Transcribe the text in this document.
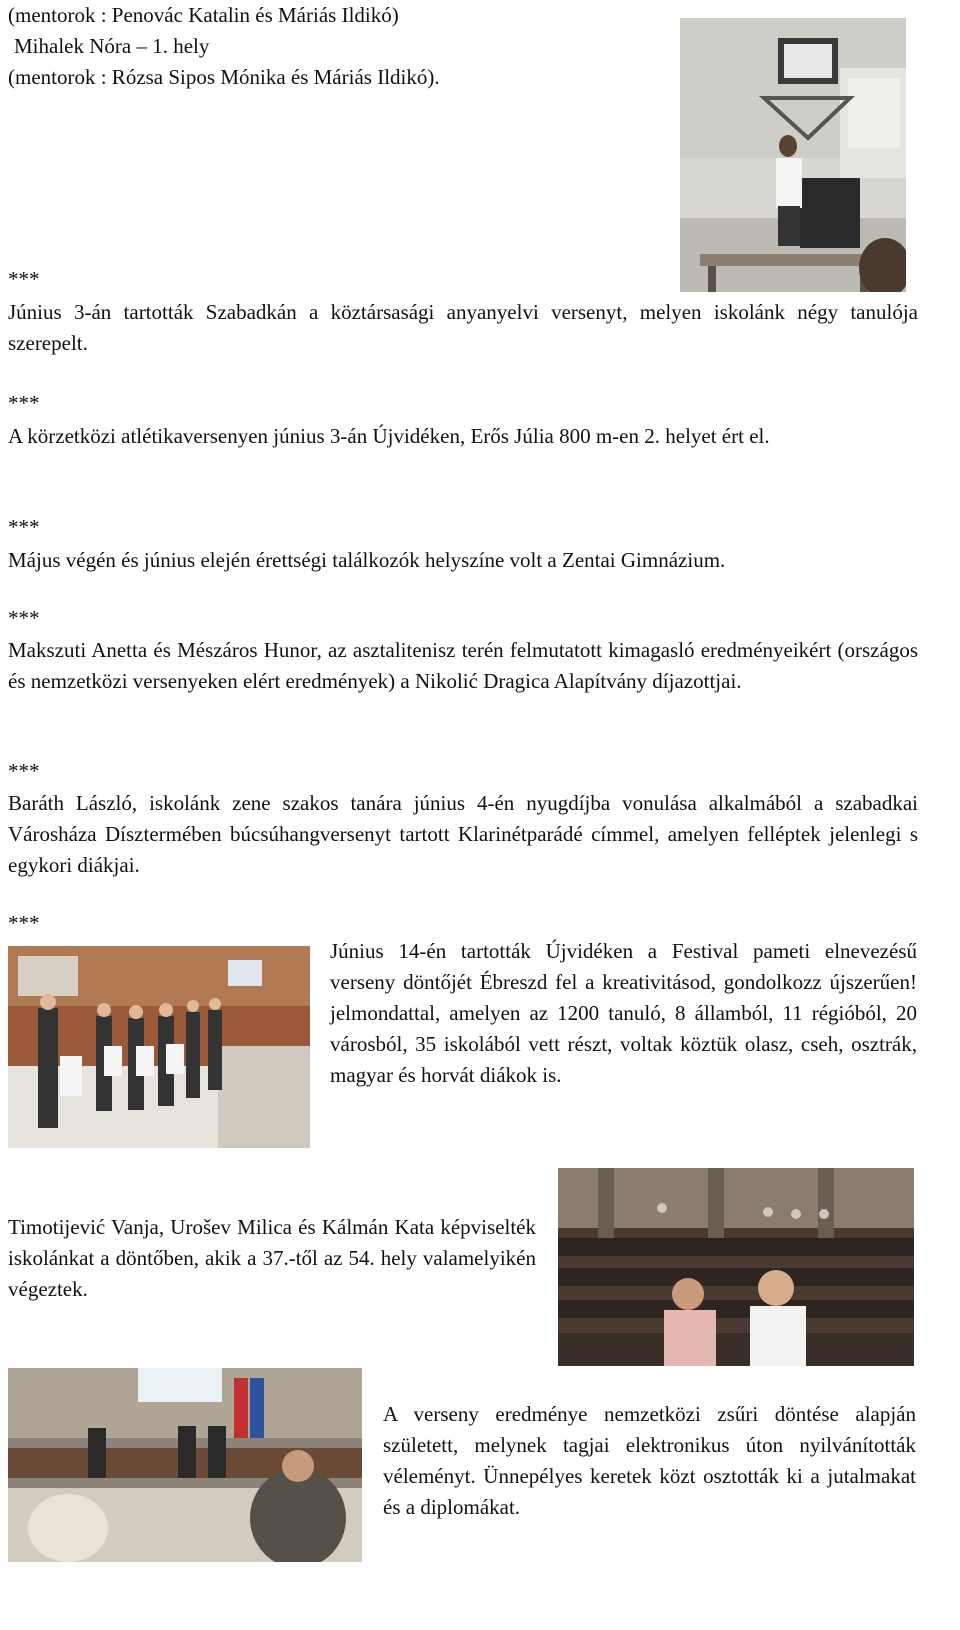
(mentorok : Penovác Katalin és Máriás Ildikó)

Mihalek Nóra – 1. hely

(mentorok : Rózsa Sipos Mónika és Máriás Ildikó).

***

Június 3-án tartották Szabadkán a köztársasági anyanyelvi versenyt, melyen iskolánk négy tanulója szerepelt.

***

A körzetközi atlétikaversenyen június 3-án Újvidéken, Erős Júlia 800 m-en 2. helyet ért el.

***

Május végén és június elején érettségi találkozók helyszíne volt a Zentai Gimnázium.

***

Makszuti Anetta és Mészáros Hunor, az asztalitenisz terén felmutatott kimagasló eredményeikért (országos és nemzetközi versenyeken elért eredmények) a Nikolić Dragica Alapítvány díjazottjai.

***

Baráth László, iskolánk zene szakos tanára június 4-én nyugdíjba vonulása alkalmából a szabadkai Városháza Dísztermében búcsúhangversenyt tartott Klarinétparádé címmel, amelyen felléptek jelenlegi s egykori diákjai.

***

Június 14-én tartották Újvidéken a Festival pameti elnevezésű verseny döntőjét Ébreszd fel a kreativitásod, gondolkozz újszerűen! jelmondattal, amelyen az 1200 tanuló, 8 államból, 11 régióból, 20 városból, 35 iskolából vett részt, voltak köztük olasz, cseh, osztrák, magyar és horvát diákok is.

Timotijević Vanja, Urošev Milica és Kálmán Kata képviselték iskolánkat a döntőben, akik a 37.-től az 54. hely valamelyikén végeztek.

A verseny eredménye nemzetközi zsűri döntése alapján született, melynek tagjai elektronikus úton nyilvánították véleményt. Ünnepélyes keretek közt osztották ki a jutalmakat és a diplomákat.
